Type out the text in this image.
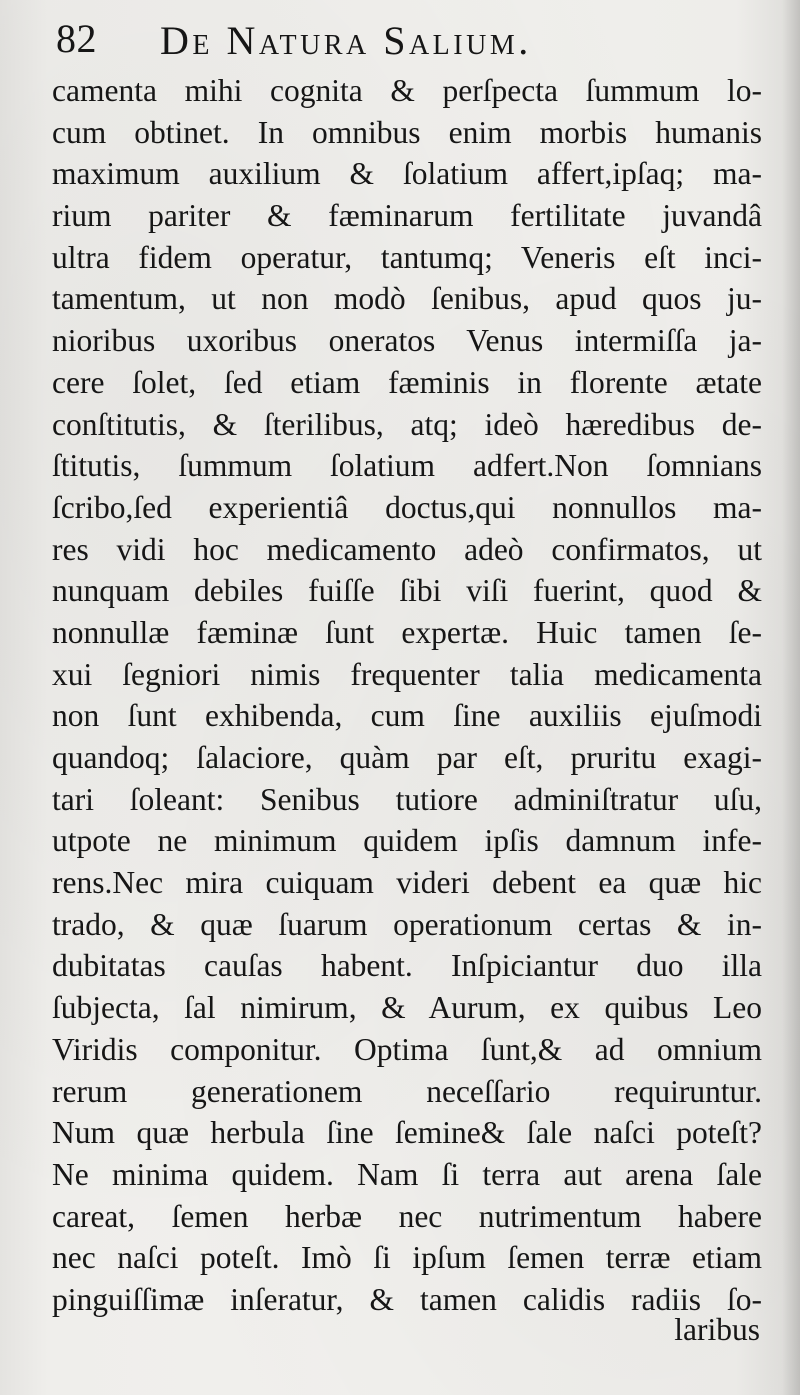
82 De Natura Salium.
camenta mihi cognita & perſpecta ſummum lo-
cum obtinet. In omnibus enim morbis humanis
maximum auxilium & ſolatium affert,ipſaq; ma-
rium pariter & fæminarum fertilitate juvandâ
ultra fidem operatur, tantumq; Veneris eſt inci-
tamentum, ut non modò ſenibus, apud quos ju-
nioribus uxoribus oneratos Venus intermiſſa ja-
cere ſolet, ſed etiam fæminis in florente ætate
conſtitutis, & ſterilibus, atq; ideò hæredibus de-
ſtitutis, ſummum ſolatium adfert.Non ſomnians
ſcribo,ſed experientiâ doctus,qui nonnullos ma-
res vidi hoc medicamento adeò confirmatos, ut
nunquam debiles fuiſſe ſibi viſi fuerint, quod &
nonnullæ fæminæ ſunt expertæ. Huic tamen ſe-
xui ſegniori nimis frequenter talia medicamenta
non ſunt exhibenda, cum ſine auxiliis ejuſmodi
quandoq; ſalaciore, quàm par eſt, pruritu exagi-
tari ſoleant: Senibus tutiore adminiſtratur uſu,
utpote ne minimum quidem ipſis damnum infe-
rens.Nec mira cuiquam videri debent ea quæ hic
trado, & quæ ſuarum operationum certas & in-
dubitatas cauſas habent. Inſpiciantur duo illa
ſubjecta, ſal nimirum, & Aurum, ex quibus Leo
Viridis componitur. Optima ſunt,& ad omnium
rerum generationem neceſſario requiruntur.
Num quæ herbula ſine ſemine& ſale naſci poteſt?
Ne minima quidem. Nam ſi terra aut arena ſale
careat, ſemen herbæ nec nutrimentum habere
nec naſci poteſt. Imò ſi ipſum ſemen terræ etiam
pinguiſſimæ inſeratur, & tamen calidis radiis ſo-
laribus
